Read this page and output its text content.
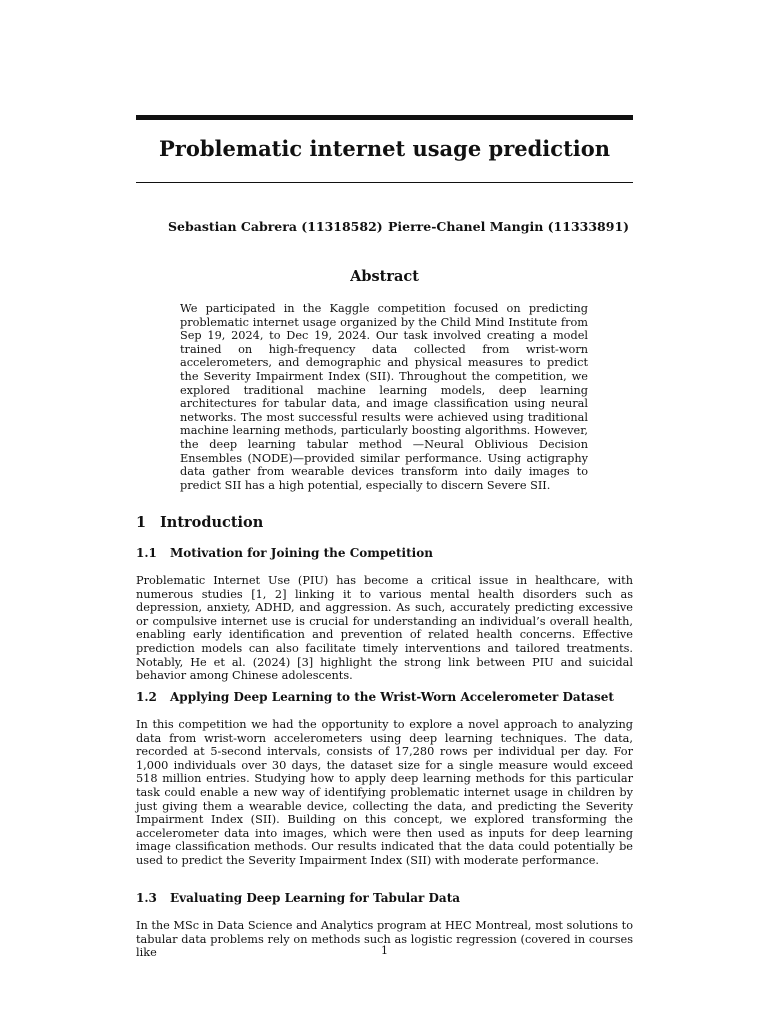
Problematic internet usage prediction
Sebastian Cabrera (11318582) Pierre-Chanel Mangin (11333891)
Abstract

We participated in the Kaggle competition focused on predicting problematic internet usage organized by the Child Mind Institute from Sep 19, 2024, to Dec 19, 2024. Our task involved creating a model trained on high-frequency data collected from wrist-worn accelerometers, and demographic and physical measures to predict the Severity Impairment Index (SII). Throughout the competition, we explored traditional machine learning models, deep learning architectures for tabular data, and image classification using neural networks. The most successful results were achieved using traditional machine learning methods, particularly boosting algorithms. However, the deep learning tabular method —Neural Oblivious Decision Ensembles (NODE)—provided similar performance. Using actigraphy data gather from wearable devices transform into daily images to predict SII has a high potential, especially to discern Severe SII.

1 Introduction
1.1 Motivation for Joining the Competition

Problematic Internet Use (PIU) has become a critical issue in healthcare, with numerous studies [1, 2] linking it to various mental health disorders such as depression, anxiety, ADHD, and aggression. As such, accurately predicting excessive or compulsive internet use is crucial for understanding an individual’s overall health, enabling early identification and prevention of related health concerns. Effective prediction models can also facilitate timely interventions and tailored treatments. Notably, He et al. (2024) [3] highlight the strong link between PIU and suicidal behavior among Chinese adolescents.

1.2 Applying Deep Learning to the Wrist-Worn Accelerometer Dataset

In this competition we had the opportunity to explore a novel approach to analyzing data from wrist-worn accelerometers using deep learning techniques. The data, recorded at 5-second intervals, consists of 17,280 rows per individual per day. For 1,000 individuals over 30 days, the dataset size for a single measure would exceed 518 million entries. Studying how to apply deep learning methods for this particular task could enable a new way of identifying problematic internet usage in children by just giving them a wearable device, collecting the data, and predicting the Severity Impairment Index (SII). Building on this concept, we explored transforming the accelerometer data into images, which were then used as inputs for deep learning image classification methods. Our results indicated that the data could potentially be used to predict the Severity Impairment Index (SII) with moderate performance.

1.3 Evaluating Deep Learning for Tabular Data

In the MSc in Data Science and Analytics program at HEC Montreal, most solutions to tabular data problems rely on methods such as logistic regression (covered in courses like	1
